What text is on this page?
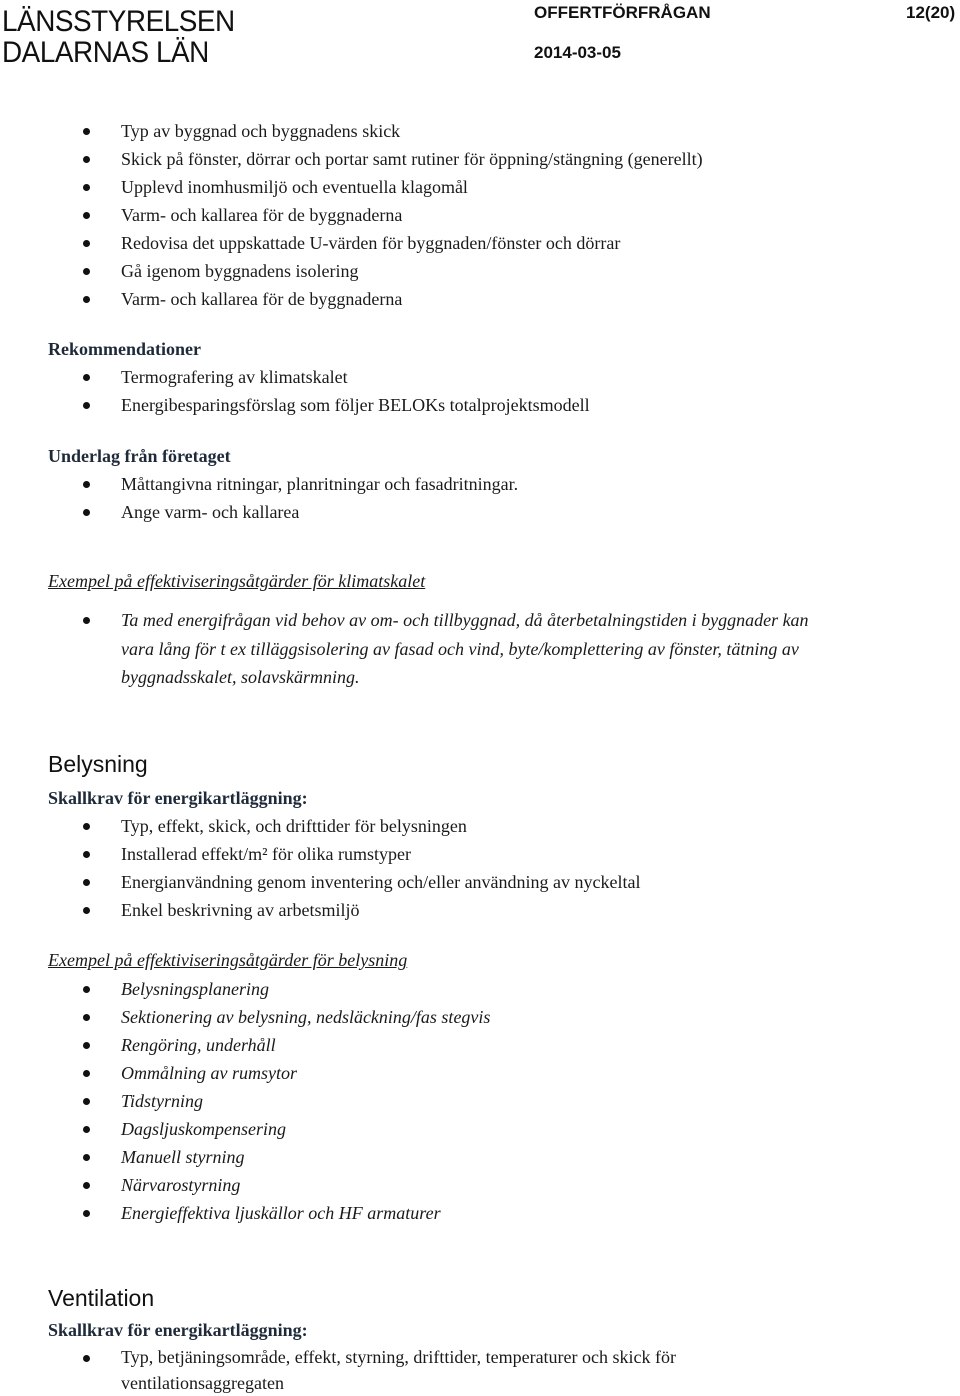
LÄNSSTYRELSEN
DALARNAS LÄN
OFFERTFÖRFRÅGAN	12(20)
2014-03-05
Typ av byggnad och byggnadens skick
Skick på fönster, dörrar och portar samt rutiner för öppning/stängning (generellt)
Upplevd inomhusmiljö och eventuella klagomål
Varm- och kallarea för de byggnaderna
Redovisa det uppskattade U-värden för byggnaden/fönster och dörrar
Gå igenom byggnadens isolering
Varm- och kallarea för de byggnaderna
Rekommendationer
Termografering av klimatskalet
Energibesparingsförslag som följer BELOKs totalprojektsmodell
Underlag från företaget
Måttangivna ritningar, planritningar och fasadritningar.
Ange varm- och kallarea
Exempel på effektiviseringsåtgärder för klimatskalet
Ta med energifrågan vid behov av om- och tillbyggnad, då återbetalningstiden i byggnader kan vara lång för t ex tilläggsisolering av fasad och vind, byte/komplettering av fönster, tätning av byggnadsskalet, solavskärmning.
Belysning
Skallkrav för energikartläggning:
Typ, effekt, skick, och drifttider för belysningen
Installerad effekt/m² för olika rumstyper
Energianvändning genom inventering och/eller användning av nyckeltal
Enkel beskrivning av arbetsmiljö
Exempel på effektiviseringsåtgärder för belysning
Belysningsplanering
Sektionering av belysning, nedsläckning/fas stegvis
Rengöring, underhåll
Ommålning av rumsytor
Tidstyrning
Dagsljuskompensering
Manuell styrning
Närvarostyrning
Energieffektiva ljuskällor och HF armaturer
Ventilation
Skallkrav för energikartläggning:
Typ, betjäningsområde, effekt, styrning, drifttider, temperaturer och skick för ventilationsaggregaten
